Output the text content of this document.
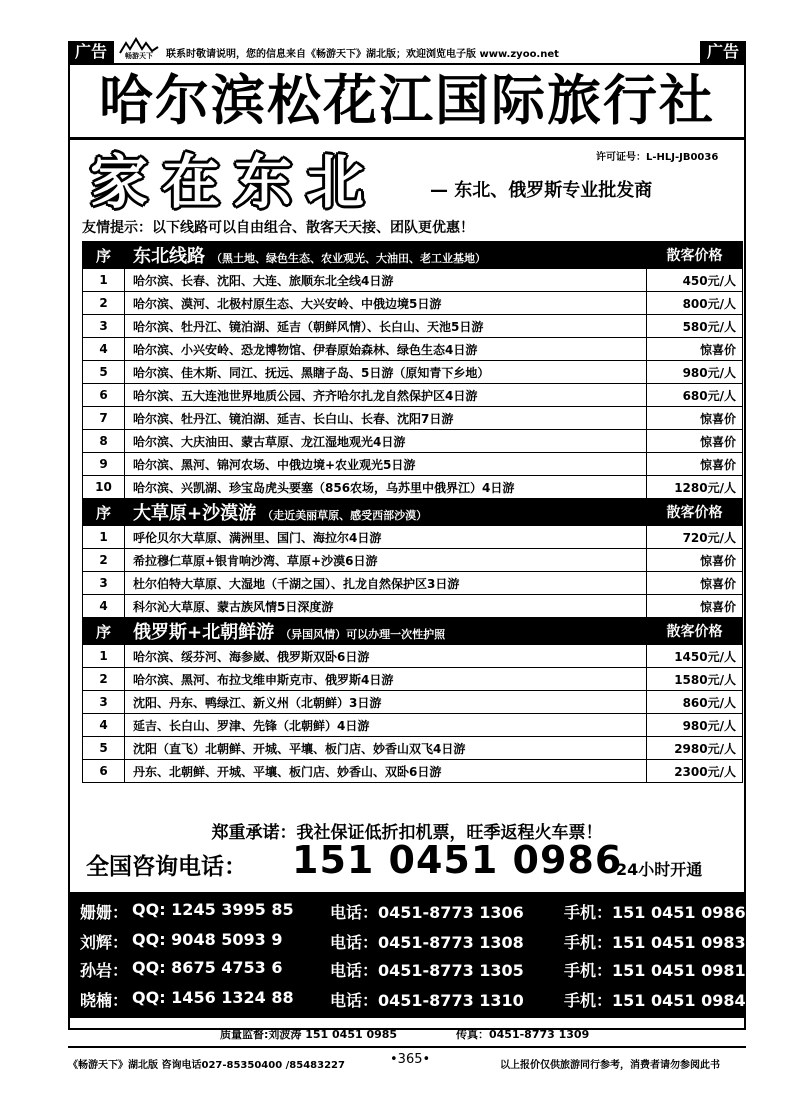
广告	畅游天下 联系时敬请说明，您的信息来自《畅游天下》湖北版；欢迎浏览电子版 www.zyoo.net	广告
哈尔滨松花江国际旅行社
许可证号：L-HLJ-JB0036
家在东北	— 东北、俄罗斯专业批发商
友情提示：以下线路可以自由组合、散客天天接、团队更优惠！
序	东北线路 （黑土地、绿色生态、农业观光、大油田、老工业基地）	散客价格
1	哈尔滨、长春、沈阳、大连、旅顺东北全线4日游	450元/人
2	哈尔滨、漠河、北极村原生态、大兴安岭、中俄边境5日游	800元/人
3	哈尔滨、牡丹江、镜泊湖、延吉（朝鲜风情）、长白山、天池5日游	580元/人
4	哈尔滨、小兴安岭、恐龙博物馆、伊春原始森林、绿色生态4日游	惊喜价
5	哈尔滨、佳木斯、同江、抚远、黑瞎子岛、5日游（原知青下乡地）	980元/人
6	哈尔滨、五大连池世界地质公园、齐齐哈尔扎龙自然保护区4日游	680元/人
7	哈尔滨、牡丹江、镜泊湖、延吉、长白山、长春、沈阳7日游	惊喜价
8	哈尔滨、大庆油田、蒙古草原、龙江湿地观光4日游	惊喜价
9	哈尔滨、黑河、锦河农场、中俄边境+农业观光5日游	惊喜价
10	哈尔滨、兴凯湖、珍宝岛虎头要塞（856农场，乌苏里中俄界江）4日游	1280元/人
序	大草原+沙漠游 （走近美丽草原、感受西部沙漠）	散客价格
1	呼伦贝尔大草原、满洲里、国门、海拉尔4日游	720元/人
2	希拉穆仁草原+银肯响沙湾、草原+沙漠6日游	惊喜价
3	杜尔伯特大草原、大湿地（千湖之国）、扎龙自然保护区3日游	惊喜价
4	科尔沁大草原、蒙古族风情5日深度游	惊喜价
序	俄罗斯+北朝鲜游 （异国风情）可以办理一次性护照	散客价格
1	哈尔滨、绥芬河、海参崴、俄罗斯双卧6日游	1450元/人
2	哈尔滨、黑河、布拉戈维申斯克市、俄罗斯4日游	1580元/人
3	沈阳、丹东、鸭绿江、新义州（北朝鲜）3日游	860元/人
4	延吉、长白山、罗津、先锋（北朝鲜）4日游	980元/人
5	沈阳（直飞）北朝鲜、开城、平壤、板门店、妙香山双飞4日游	2980元/人
6	丹东、北朝鲜、开城、平壤、板门店、妙香山、双卧6日游	2300元/人
郑重承诺：我社保证低折扣机票，旺季返程火车票！
全国咨询电话： 151 0451 0986
24小时开通
姗姗： QQ: 1245 3995 85 电话：0451-8773 1306	手机：151 0451 0986
刘辉： QQ: 9048 5093 9	电话：0451-8773 1308	手机：151 0451 0983
孙岩： QQ: 8675 4753 6	电话：0451-8773 1305	手机：151 0451 0981
晓楠： QQ: 1456 1324 88 电话：0451-8773 1310	手机：151 0451 0984
质量监督:刘波涛 151 0451 0985	传真：0451-8773 1309
《畅游天下》湖北版 咨询电话027-85350400 /85483227	•365•	以上报价仅供旅游同行参考，消费者请勿参阅此书
